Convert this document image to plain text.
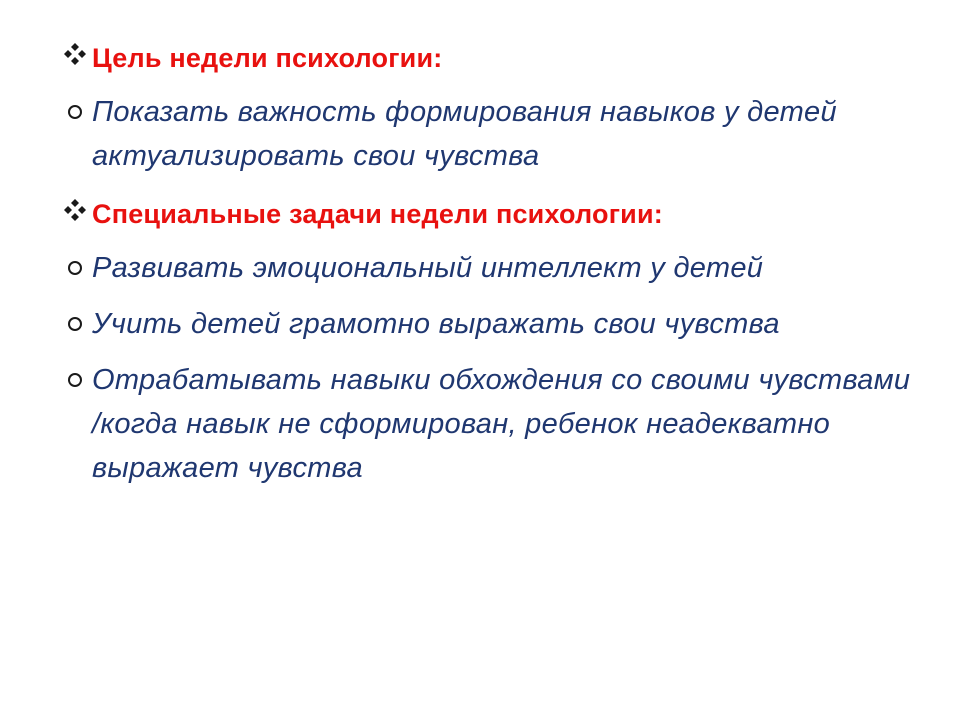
Цель недели психологии:
Показать важность формирования навыков у детей актуализировать свои чувства
Специальные задачи недели психологии:
Развивать эмоциональный интеллект у детей
Учить детей грамотно выражать свои чувства
Отрабатывать навыки обхождения со своими чувствами /когда навык не сформирован, ребенок неадекватно выражает чувства
